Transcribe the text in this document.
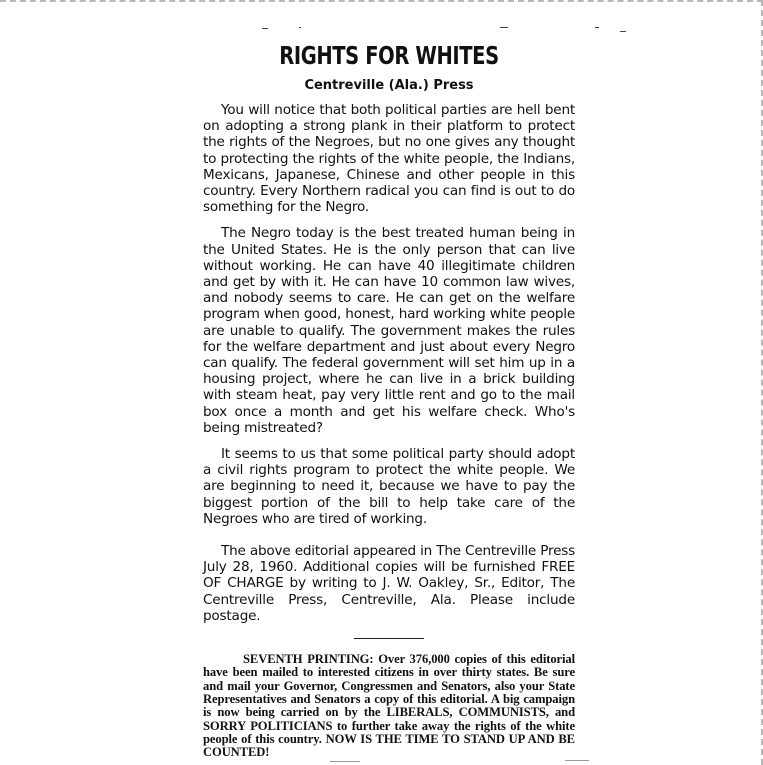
RIGHTS FOR WHITES
Centreville (Ala.) Press

You will notice that both political parties are hell bent on adopting a strong plank in their platform to protect the rights of the Negroes, but no one gives any thought to protecting the rights of the white people, the Indians, Mexicans, Japanese, Chinese and other people in this country. Every Northern radical you can find is out to do something for the Negro.

The Negro today is the best treated human being in the United States. He is the only person that can live without working. He can have 40 illegitimate children and get by with it. He can have 10 common law wives, and nobody seems to care. He can get on the welfare program when good, honest, hard working white people are unable to qualify. The government makes the rules for the welfare department and just about every Negro can qualify. The federal government will set him up in a housing project, where he can live in a brick building with steam heat, pay very little rent and go to the mail box once a month and get his welfare check. Who's being mistreated?

It seems to us that some political party should adopt a civil rights program to protect the white people. We are beginning to need it, because we have to pay the biggest portion of the bill to help take care of the Negroes who are tired of working.

The above editorial appeared in The Centreville Press July 28, 1960. Additional copies will be furnished FREE OF CHARGE by writing to J. W. Oakley, Sr., Editor, The Centreville Press, Centreville, Ala. Please include postage.

SEVENTH PRINTING: Over 376,000 copies of this editorial have been mailed to interested citizens in over thirty states. Be sure and mail your Governor, Congressmen and Senators, also your State Representatives and Senators a copy of this editorial. A big campaign is now being carried on by the LIBERALS, COMMUNISTS, and SORRY POLITICIANS to further take away the rights of the white people of this country. NOW IS THE TIME TO STAND UP AND BE COUNTED!
